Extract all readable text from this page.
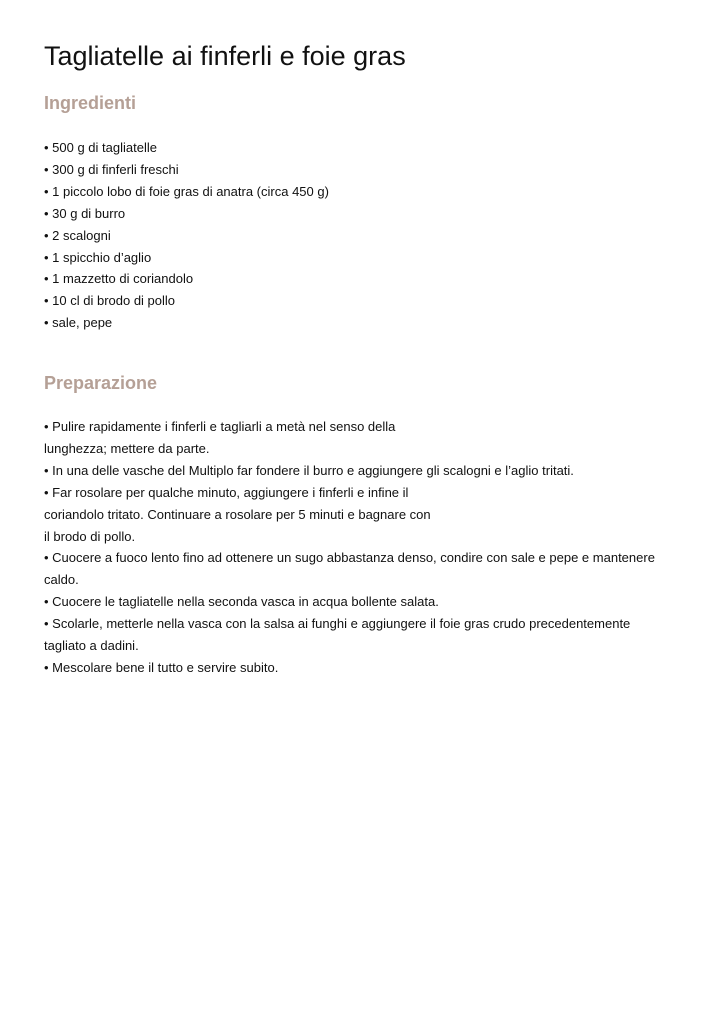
Tagliatelle ai finferli e foie gras
Ingredienti
• 500 g di tagliatelle
• 300 g di finferli freschi
• 1 piccolo lobo di foie gras di anatra (circa 450 g)
• 30 g di burro
• 2 scalogni
• 1 spicchio d’aglio
• 1 mazzetto di coriandolo
• 10 cl di brodo di pollo
• sale, pepe
Preparazione
• Pulire rapidamente i finferli e tagliarli a metà nel senso della
lunghezza; mettere da parte.
• In una delle vasche del Multiplo far fondere il burro e aggiungere gli scalogni e l’aglio tritati.
• Far rosolare per qualche minuto, aggiungere i finferli e infine il
coriandolo tritato. Continuare a rosolare per 5 minuti e bagnare con
il brodo di pollo.
• Cuocere a fuoco lento fino ad ottenere un sugo abbastanza denso, condire con sale e pepe e mantenere
caldo.
• Cuocere le tagliatelle nella seconda vasca in acqua bollente salata.
• Scolarle, metterle nella vasca con la salsa ai funghi e aggiungere il foie gras crudo precedentemente
tagliato a dadini.
• Mescolare bene il tutto e servire subito.
